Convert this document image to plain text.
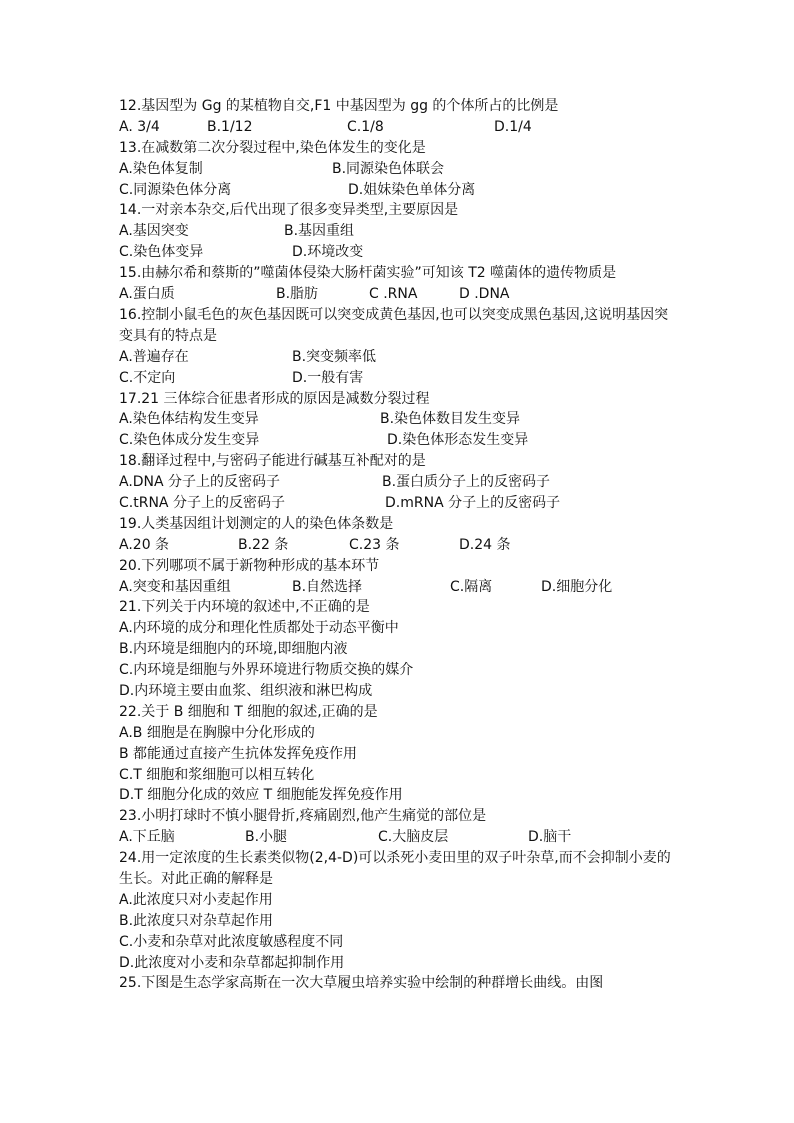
12.基因型为 Gg 的某植物自交,F1 中基因型为 gg 的个体所占的比例是
A. 3/4	B.1/12	C.1/8	D.1/4
13.在减数第二次分裂过程中,染色体发生的变化是
A.染色体复制	B.同源染色体联会
C.同源染色体分离	D.姐妹染色单体分离
14.一对亲本杂交,后代出现了很多变异类型,主要原因是
A.基因突变	B.基因重组
C.染色体变异	D.环境改变
15.由赫尔希和蔡斯的”噬菌体侵染大肠杆菌实验”可知该 T2 噬菌体的遗传物质是
A.蛋白质	B.脂肪	C .RNA	D .DNA
16.控制小鼠毛色的灰色基因既可以突变成黄色基因,也可以突变成黑色基因,这说明基因突变具有的特点是
A.普遍存在	B.突变频率低
C.不定向	D.一般有害
17.21 三体综合征患者形成的原因是减数分裂过程
A.染色体结构发生变异	B.染色体数目发生变异
C.染色体成分发生变异	D.染色体形态发生变异
18.翻译过程中,与密码子能进行碱基互补配对的是
A.DNA 分子上的反密码子	B.蛋白质分子上的反密码子
C.tRNA 分子上的反密码子	D.mRNA 分子上的反密码子
19.人类基因组计划测定的人的染色体条数是
A.20 条	B.22 条	C.23 条	D.24 条
20.下列哪项不属于新物种形成的基本环节
A.突变和基因重组	B.自然选择	C.隔离	D.细胞分化
21.下列关于内环境的叙述中,不正确的是
A.内环境的成分和理化性质都处于动态平衡中
B.内环境是细胞内的环境,即细胞内液
C.内环境是细胞与外界环境进行物质交换的媒介
D.内环境主要由血浆、组织液和淋巴构成
22.关于 B 细胞和 T 细胞的叙述,正确的是
A.B 细胞是在胸腺中分化形成的
B 都能通过直接产生抗体发挥免疫作用
C.T 细胞和浆细胞可以相互转化
D.T 细胞分化成的效应 T 细胞能发挥免疫作用
23.小明打球时不慎小腿骨折,疼痛剧烈,他产生痛觉的部位是
A.下丘脑	B.小腿	C.大脑皮层	D.脑干
24.用一定浓度的生长素类似物(2,4-D)可以杀死小麦田里的双子叶杂草,而不会抑制小麦的生长。对此正确的解释是
A.此浓度只对小麦起作用
B.此浓度只对杂草起作用
C.小麦和杂草对此浓度敏感程度不同
D.此浓度对小麦和杂草都起抑制作用
25.下图是生态学家高斯在一次大草履虫培养实验中绘制的种群增长曲线。由图
